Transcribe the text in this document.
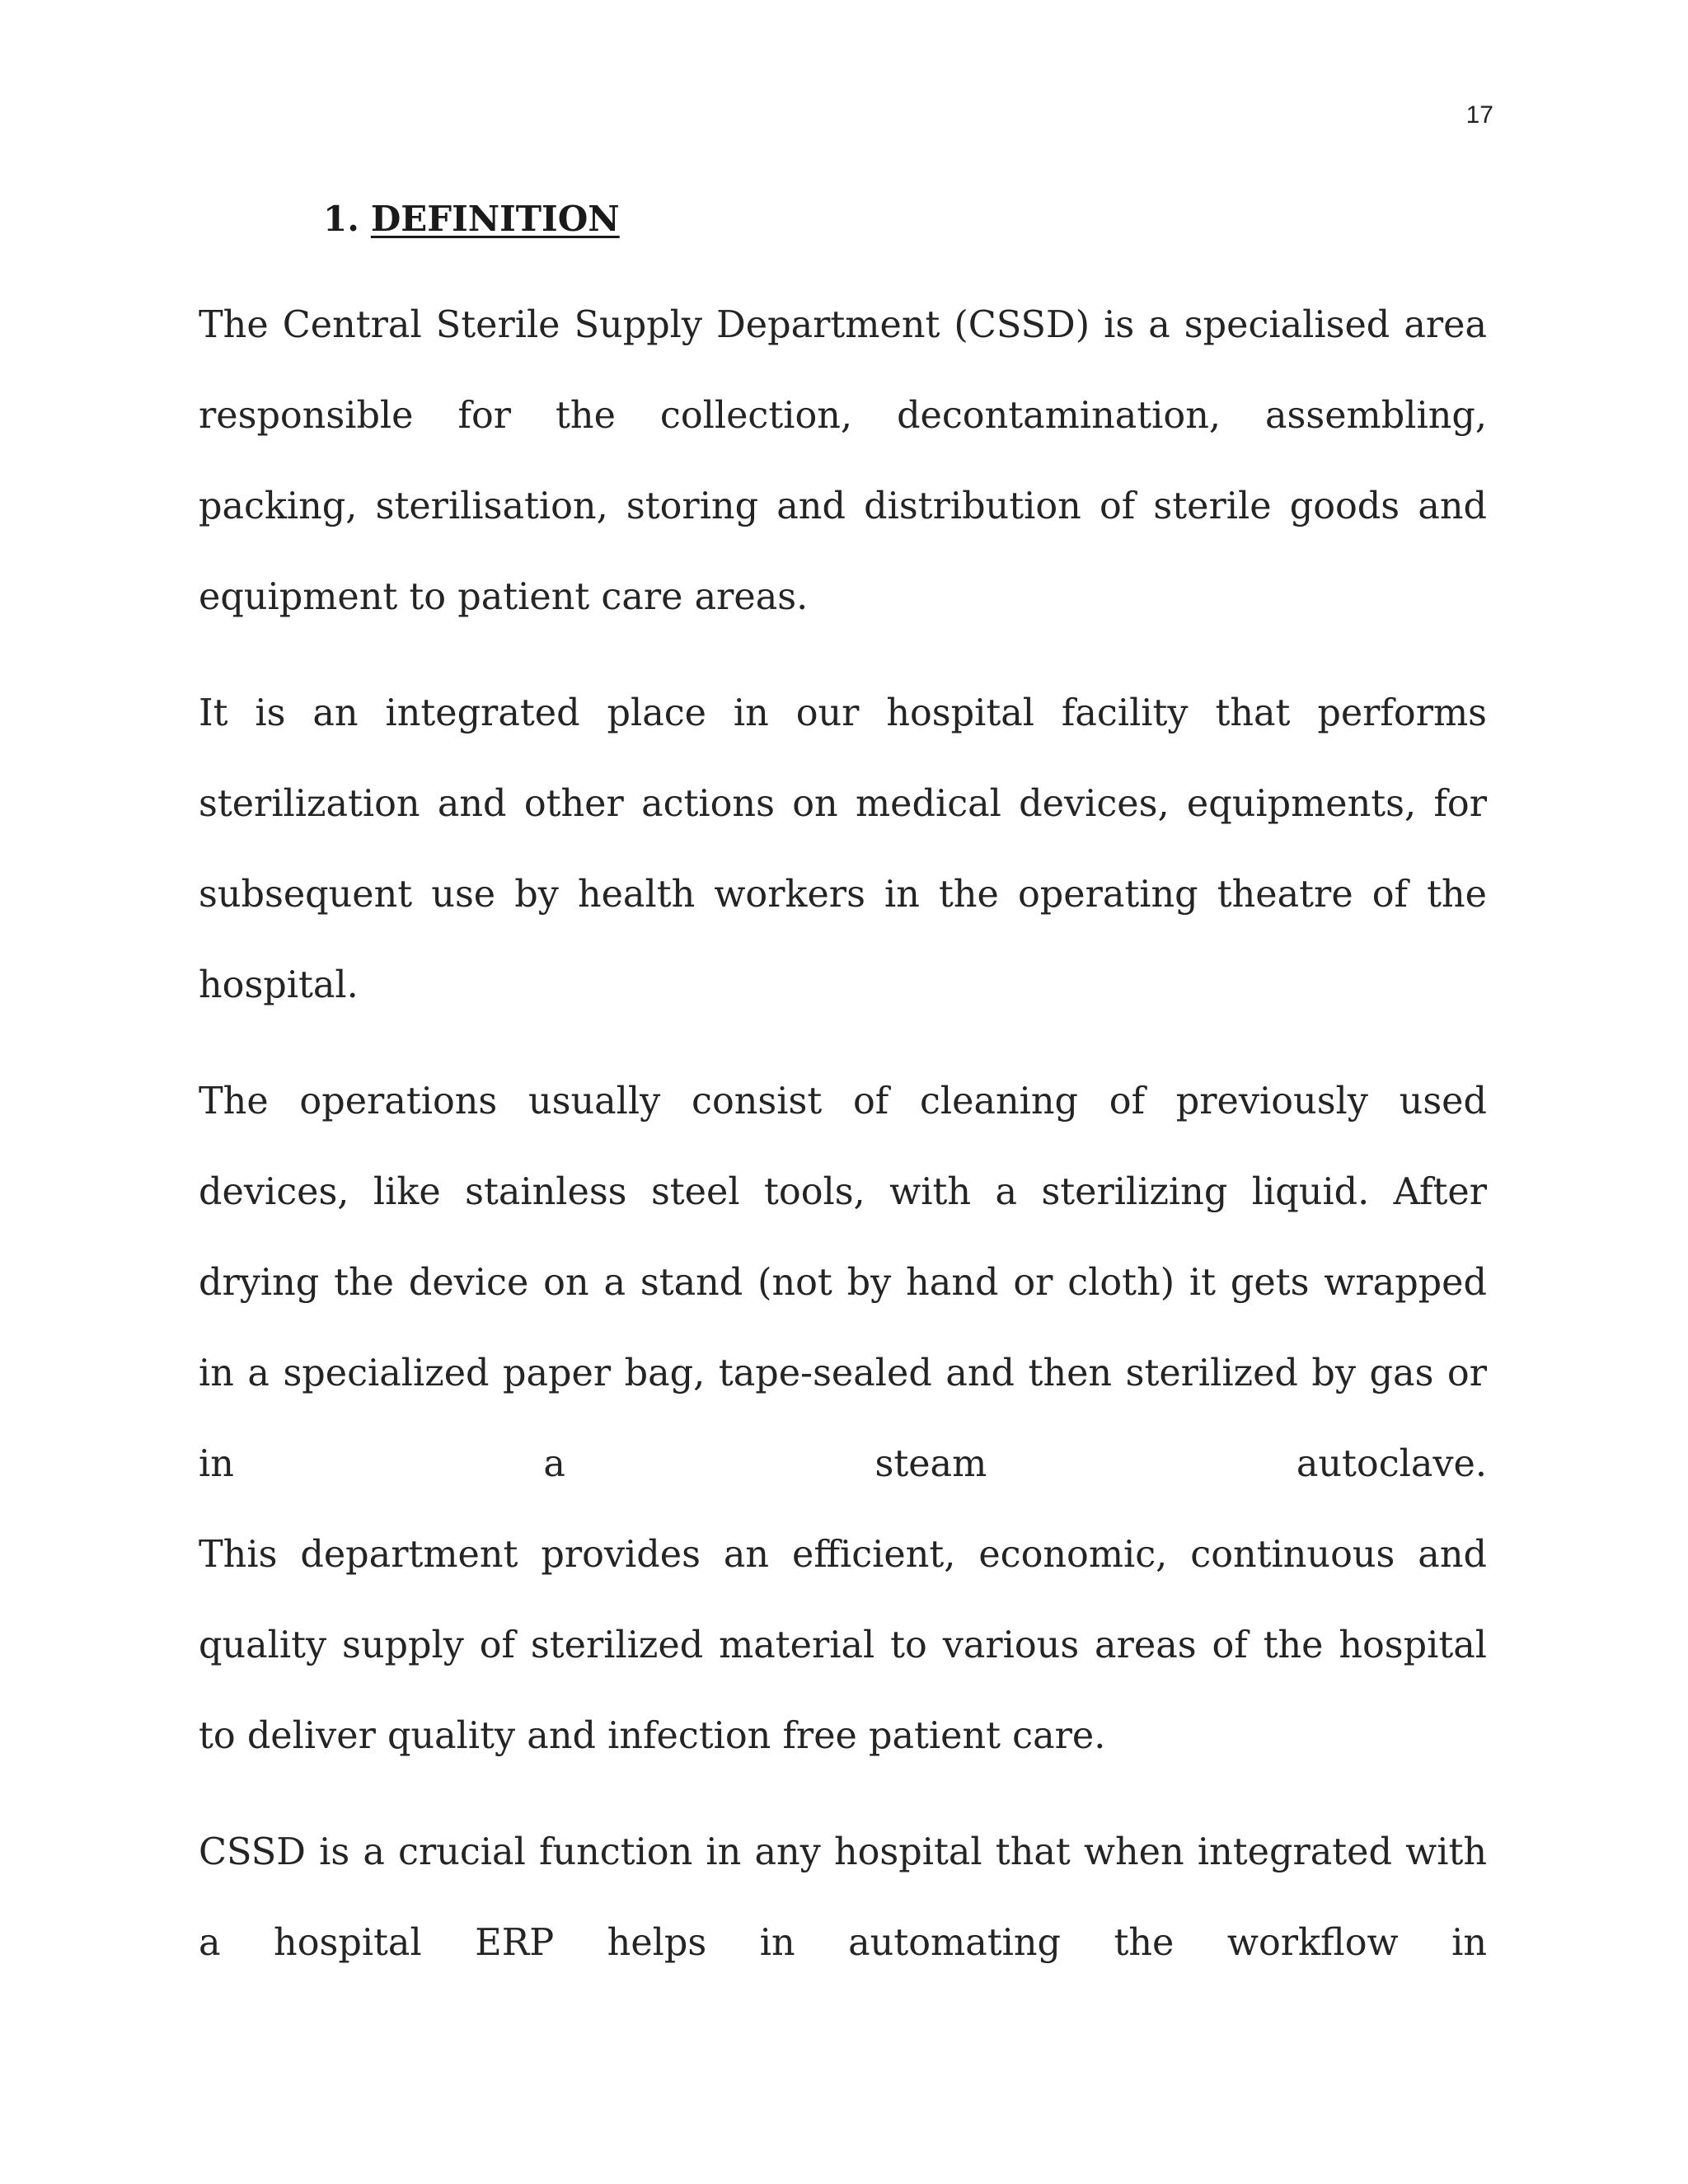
17
1. DEFINITION

The Central Sterile Supply Department (CSSD) is a specialised area responsible for the collection, decontamination, assembling, packing, sterilisation, storing and distribution of sterile goods and equipment to patient care areas.

It is an integrated place in our hospital facility that performs sterilization and other actions on medical devices, equipments, for subsequent use by health workers in the operating theatre of the hospital.

The operations usually consist of cleaning of previously used devices, like stainless steel tools, with a sterilizing liquid. After drying the device on a stand (not by hand or cloth) it gets wrapped in a specialized paper bag, tape-sealed and then sterilized by gas or in a steam autoclave.

This department provides an efficient, economic, continuous and quality supply of sterilized material to various areas of the hospital to deliver quality and infection free patient care.

CSSD is a crucial function in any hospital that when integrated with a hospital ERP helps in automating the workflow in
